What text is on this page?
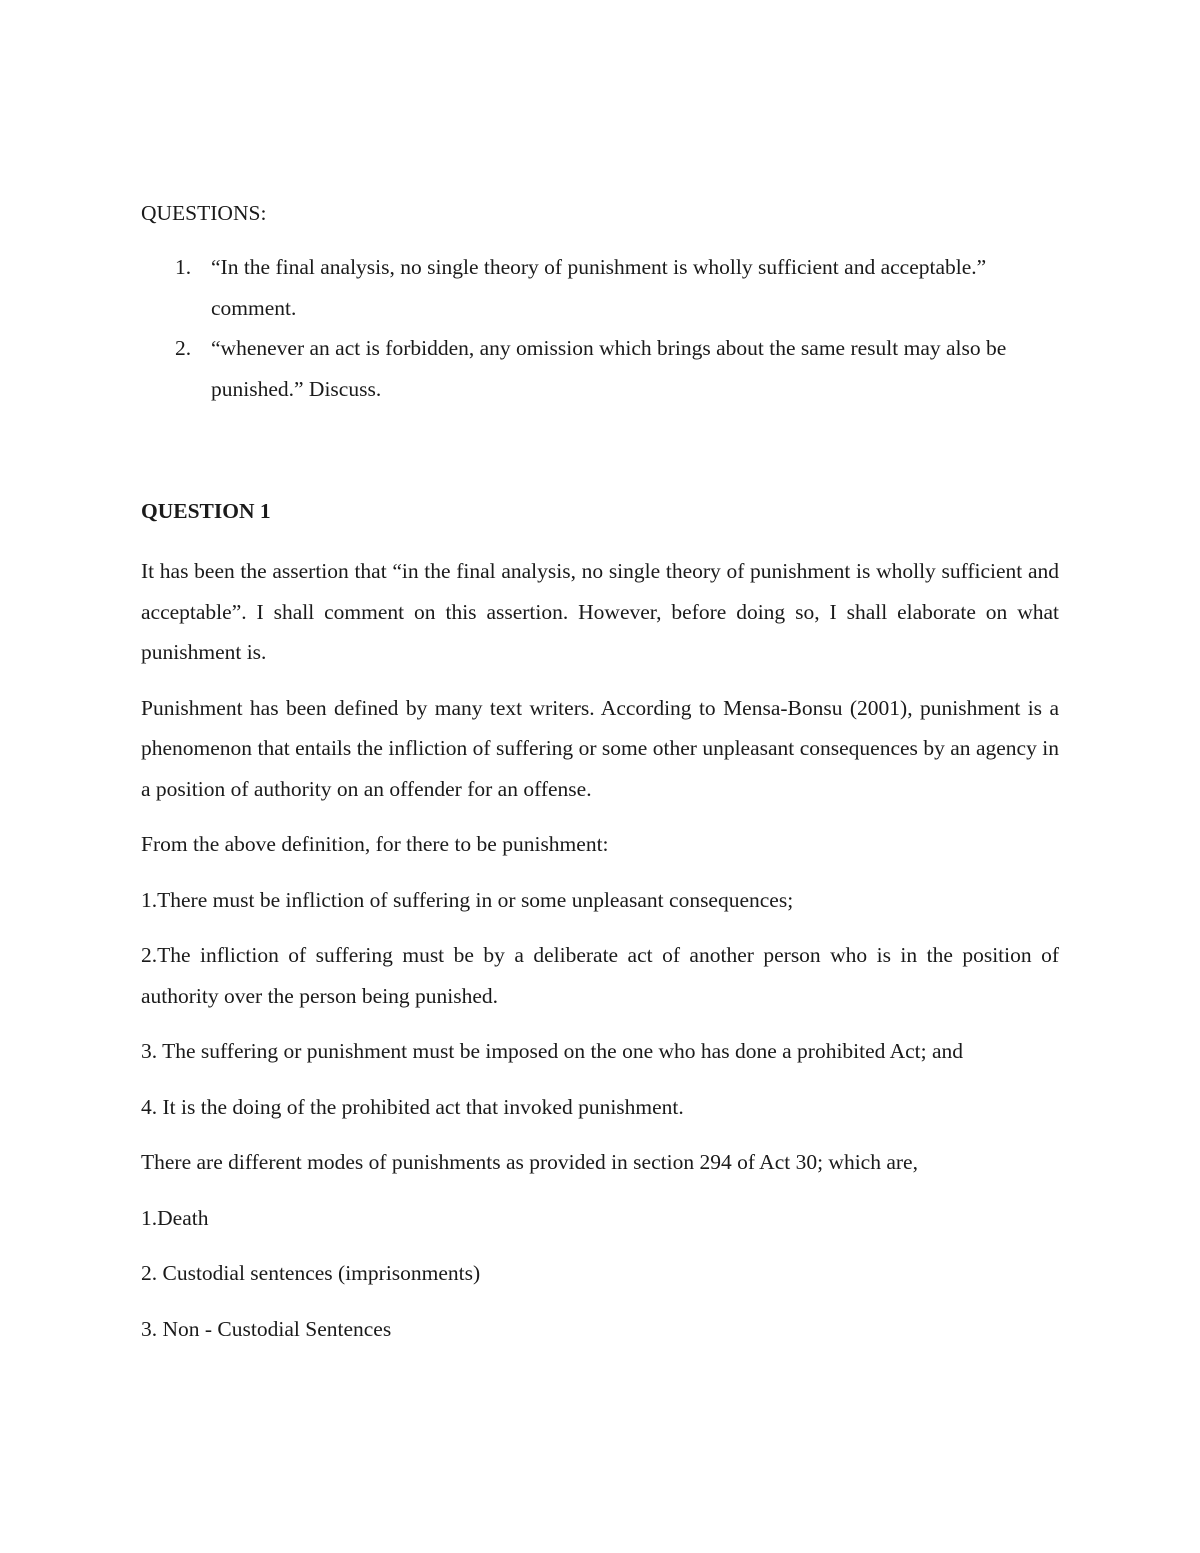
QUESTIONS:

1. “In the final analysis, no single theory of punishment is wholly sufficient and acceptable.” comment.
2. “whenever an act is forbidden, any omission which brings about the same result may also be punished.” Discuss.

QUESTION 1

It has been the assertion that “in the final analysis, no single theory of punishment is wholly sufficient and acceptable”. I shall comment on this assertion. However, before doing so, I shall elaborate on what punishment is.

Punishment has been defined by many text writers. According to Mensa-Bonsu (2001), punishment is a phenomenon that entails the infliction of suffering or some other unpleasant consequences by an agency in a position of authority on an offender for an offense.

From the above definition, for there to be punishment:

1.There must be infliction of suffering in or some unpleasant consequences;

2.The infliction of suffering must be by a deliberate act of another person who is in the position of authority over the person being punished.

3. The suffering or punishment must be imposed on the one who has done a prohibited Act; and

4. It is the doing of the prohibited act that invoked punishment.

There are different modes of punishments as provided in section 294 of Act 30; which are,

1.Death

2. Custodial sentences (imprisonments)

3. Non - Custodial Sentences
